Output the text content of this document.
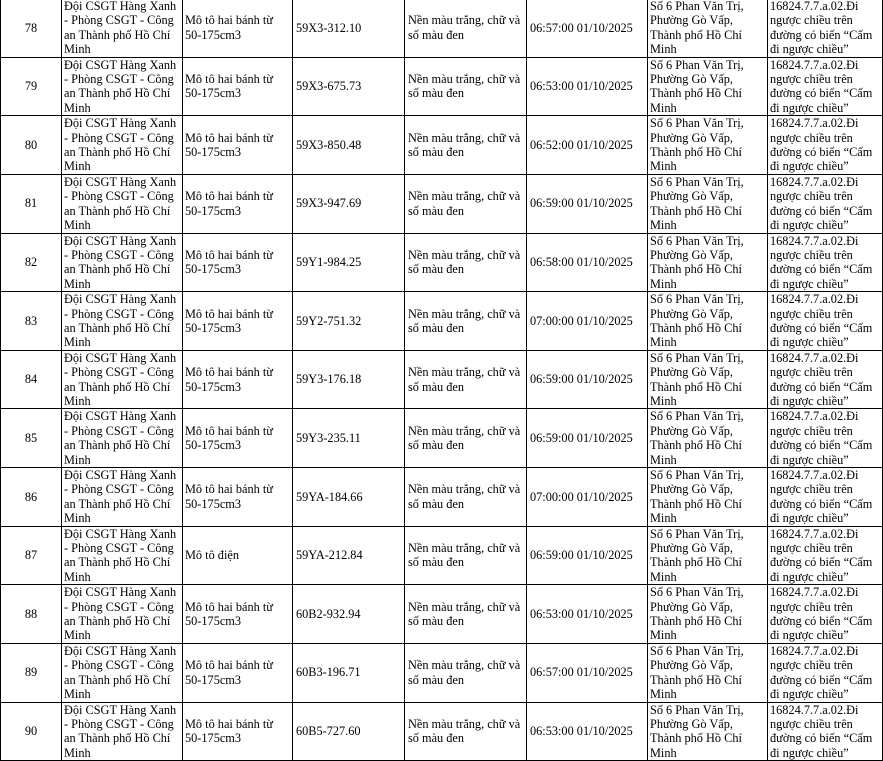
78	Đội CSGT Hàng Xanh - Phòng CSGT - Công an Thành phố Hồ Chí Minh	Mô tô hai bánh từ 50-175cm3	59X3-312.10	Nền màu trắng, chữ và số màu đen	06:57:00 01/10/2025	Số 6 Phan Văn Trị, Phường Gò Vấp, Thành phố Hồ Chí Minh	16824.7.7.a.02.Đi ngược chiều trên đường có biển “Cấm đi ngược chiều”
79	Đội CSGT Hàng Xanh - Phòng CSGT - Công an Thành phố Hồ Chí Minh	Mô tô hai bánh từ 50-175cm3	59X3-675.73	Nền màu trắng, chữ và số màu đen	06:53:00 01/10/2025	Số 6 Phan Văn Trị, Phường Gò Vấp, Thành phố Hồ Chí Minh	16824.7.7.a.02.Đi ngược chiều trên đường có biển “Cấm đi ngược chiều”
80	Đội CSGT Hàng Xanh - Phòng CSGT - Công an Thành phố Hồ Chí Minh	Mô tô hai bánh từ 50-175cm3	59X3-850.48	Nền màu trắng, chữ và số màu đen	06:52:00 01/10/2025	Số 6 Phan Văn Trị, Phường Gò Vấp, Thành phố Hồ Chí Minh	16824.7.7.a.02.Đi ngược chiều trên đường có biển “Cấm đi ngược chiều”
81	Đội CSGT Hàng Xanh - Phòng CSGT - Công an Thành phố Hồ Chí Minh	Mô tô hai bánh từ 50-175cm3	59X3-947.69	Nền màu trắng, chữ và số màu đen	06:59:00 01/10/2025	Số 6 Phan Văn Trị, Phường Gò Vấp, Thành phố Hồ Chí Minh	16824.7.7.a.02.Đi ngược chiều trên đường có biển “Cấm đi ngược chiều”
82	Đội CSGT Hàng Xanh - Phòng CSGT - Công an Thành phố Hồ Chí Minh	Mô tô hai bánh từ 50-175cm3	59Y1-984.25	Nền màu trắng, chữ và số màu đen	06:58:00 01/10/2025	Số 6 Phan Văn Trị, Phường Gò Vấp, Thành phố Hồ Chí Minh	16824.7.7.a.02.Đi ngược chiều trên đường có biển “Cấm đi ngược chiều”
83	Đội CSGT Hàng Xanh - Phòng CSGT - Công an Thành phố Hồ Chí Minh	Mô tô hai bánh từ 50-175cm3	59Y2-751.32	Nền màu trắng, chữ và số màu đen	07:00:00 01/10/2025	Số 6 Phan Văn Trị, Phường Gò Vấp, Thành phố Hồ Chí Minh	16824.7.7.a.02.Đi ngược chiều trên đường có biển “Cấm đi ngược chiều”
84	Đội CSGT Hàng Xanh - Phòng CSGT - Công an Thành phố Hồ Chí Minh	Mô tô hai bánh từ 50-175cm3	59Y3-176.18	Nền màu trắng, chữ và số màu đen	06:59:00 01/10/2025	Số 6 Phan Văn Trị, Phường Gò Vấp, Thành phố Hồ Chí Minh	16824.7.7.a.02.Đi ngược chiều trên đường có biển “Cấm đi ngược chiều”
85	Đội CSGT Hàng Xanh - Phòng CSGT - Công an Thành phố Hồ Chí Minh	Mô tô hai bánh từ 50-175cm3	59Y3-235.11	Nền màu trắng, chữ và số màu đen	06:59:00 01/10/2025	Số 6 Phan Văn Trị, Phường Gò Vấp, Thành phố Hồ Chí Minh	16824.7.7.a.02.Đi ngược chiều trên đường có biển “Cấm đi ngược chiều”
86	Đội CSGT Hàng Xanh - Phòng CSGT - Công an Thành phố Hồ Chí Minh	Mô tô hai bánh từ 50-175cm3	59YA-184.66	Nền màu trắng, chữ và số màu đen	07:00:00 01/10/2025	Số 6 Phan Văn Trị, Phường Gò Vấp, Thành phố Hồ Chí Minh	16824.7.7.a.02.Đi ngược chiều trên đường có biển “Cấm đi ngược chiều”
87	Đội CSGT Hàng Xanh - Phòng CSGT - Công an Thành phố Hồ Chí Minh	Mô tô điện	59YA-212.84	Nền màu trắng, chữ và số màu đen	06:59:00 01/10/2025	Số 6 Phan Văn Trị, Phường Gò Vấp, Thành phố Hồ Chí Minh	16824.7.7.a.02.Đi ngược chiều trên đường có biển “Cấm đi ngược chiều”
88	Đội CSGT Hàng Xanh - Phòng CSGT - Công an Thành phố Hồ Chí Minh	Mô tô hai bánh từ 50-175cm3	60B2-932.94	Nền màu trắng, chữ và số màu đen	06:53:00 01/10/2025	Số 6 Phan Văn Trị, Phường Gò Vấp, Thành phố Hồ Chí Minh	16824.7.7.a.02.Đi ngược chiều trên đường có biển “Cấm đi ngược chiều”
89	Đội CSGT Hàng Xanh - Phòng CSGT - Công an Thành phố Hồ Chí Minh	Mô tô hai bánh từ 50-175cm3	60B3-196.71	Nền màu trắng, chữ và số màu đen	06:57:00 01/10/2025	Số 6 Phan Văn Trị, Phường Gò Vấp, Thành phố Hồ Chí Minh	16824.7.7.a.02.Đi ngược chiều trên đường có biển “Cấm đi ngược chiều”
90	Đội CSGT Hàng Xanh - Phòng CSGT - Công an Thành phố Hồ Chí Minh	Mô tô hai bánh từ 50-175cm3	60B5-727.60	Nền màu trắng, chữ và số màu đen	06:53:00 01/10/2025	Số 6 Phan Văn Trị, Phường Gò Vấp, Thành phố Hồ Chí Minh	16824.7.7.a.02.Đi ngược chiều trên đường có biển “Cấm đi ngược chiều”
